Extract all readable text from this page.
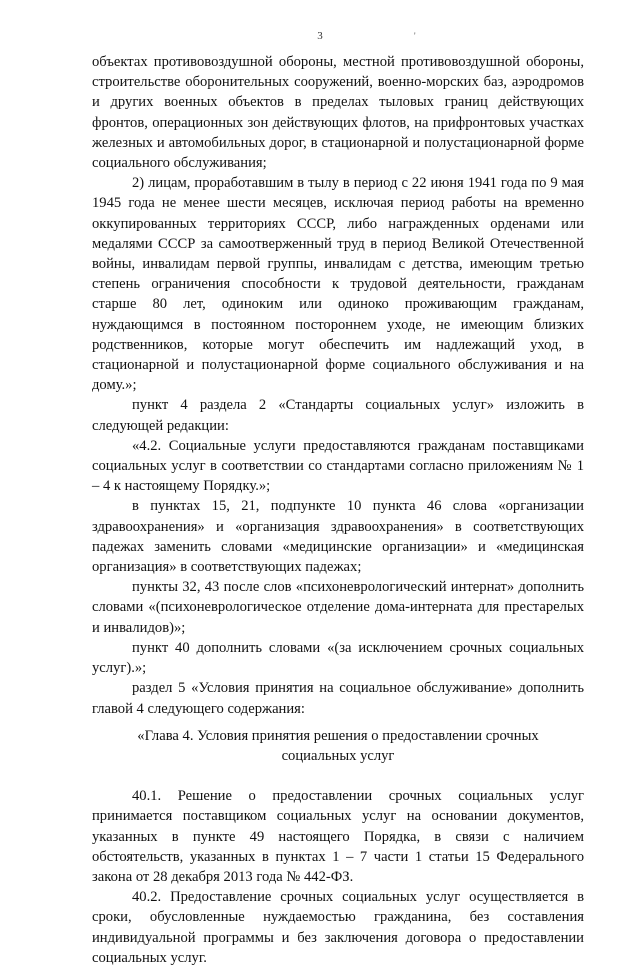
3	'

объектах противовоздушной обороны, местной противовоздушной обороны, строительстве оборонительных сооружений, военно-морских баз, аэродромов и других военных объектов в пределах тыловых границ действующих фронтов, операционных зон действующих флотов, на прифронтовых участках железных и автомобильных дорог, в стационарной и полустационарной форме социального обслуживания;

2) лицам, проработавшим в тылу в период с 22 июня 1941 года по 9 мая 1945 года не менее шести месяцев, исключая период работы на временно оккупированных территориях СССР, либо награжденных орденами или медалями СССР за самоотверженный труд в период Великой Отечественной войны, инвалидам первой группы, инвалидам с детства, имеющим третью степень ограничения способности к трудовой деятельности, гражданам старше 80 лет, одиноким или одиноко проживающим гражданам, нуждающимся в постоянном постороннем уходе, не имеющим близких родственников, которые могут обеспечить им надлежащий уход, в стационарной и полустационарной форме социального обслуживания и на дому.»;

пункт 4 раздела 2 «Стандарты социальных услуг» изложить в следующей редакции:

«4.2. Социальные услуги предоставляются гражданам поставщиками социальных услуг в соответствии со стандартами согласно приложениям № 1 – 4 к настоящему Порядку.»;

в пунктах 15, 21, подпункте 10 пункта 46 слова «организации здравоохранения» и «организация здравоохранения» в соответствующих падежах заменить словами «медицинские организации» и «медицинская организация» в соответствующих падежах;

пункты 32, 43 после слов «психоневрологический интернат» дополнить словами «(психоневрологическое отделение дома-интерната для престарелых и инвалидов)»;

пункт 40 дополнить словами «(за исключением срочных социальных услуг).»;

раздел 5 «Условия принятия на социальное обслуживание» дополнить главой 4 следующего содержания:

«Глава 4. Условия принятия решения о предоставлении срочных социальных услуг

40.1. Решение о предоставлении срочных социальных услуг принимается поставщиком социальных услуг на основании документов, указанных в пункте 49 настоящего Порядка, в связи с наличием обстоятельств, указанных в пунктах 1 – 7 части 1 статьи 15 Федерального закона от 28 декабря 2013 года № 442-ФЗ.

40.2. Предоставление срочных социальных услуг осуществляется в сроки, обусловленные нуждаемостью гражданина, без составления индивидуальной программы и без заключения договора о предоставлении социальных услуг.
